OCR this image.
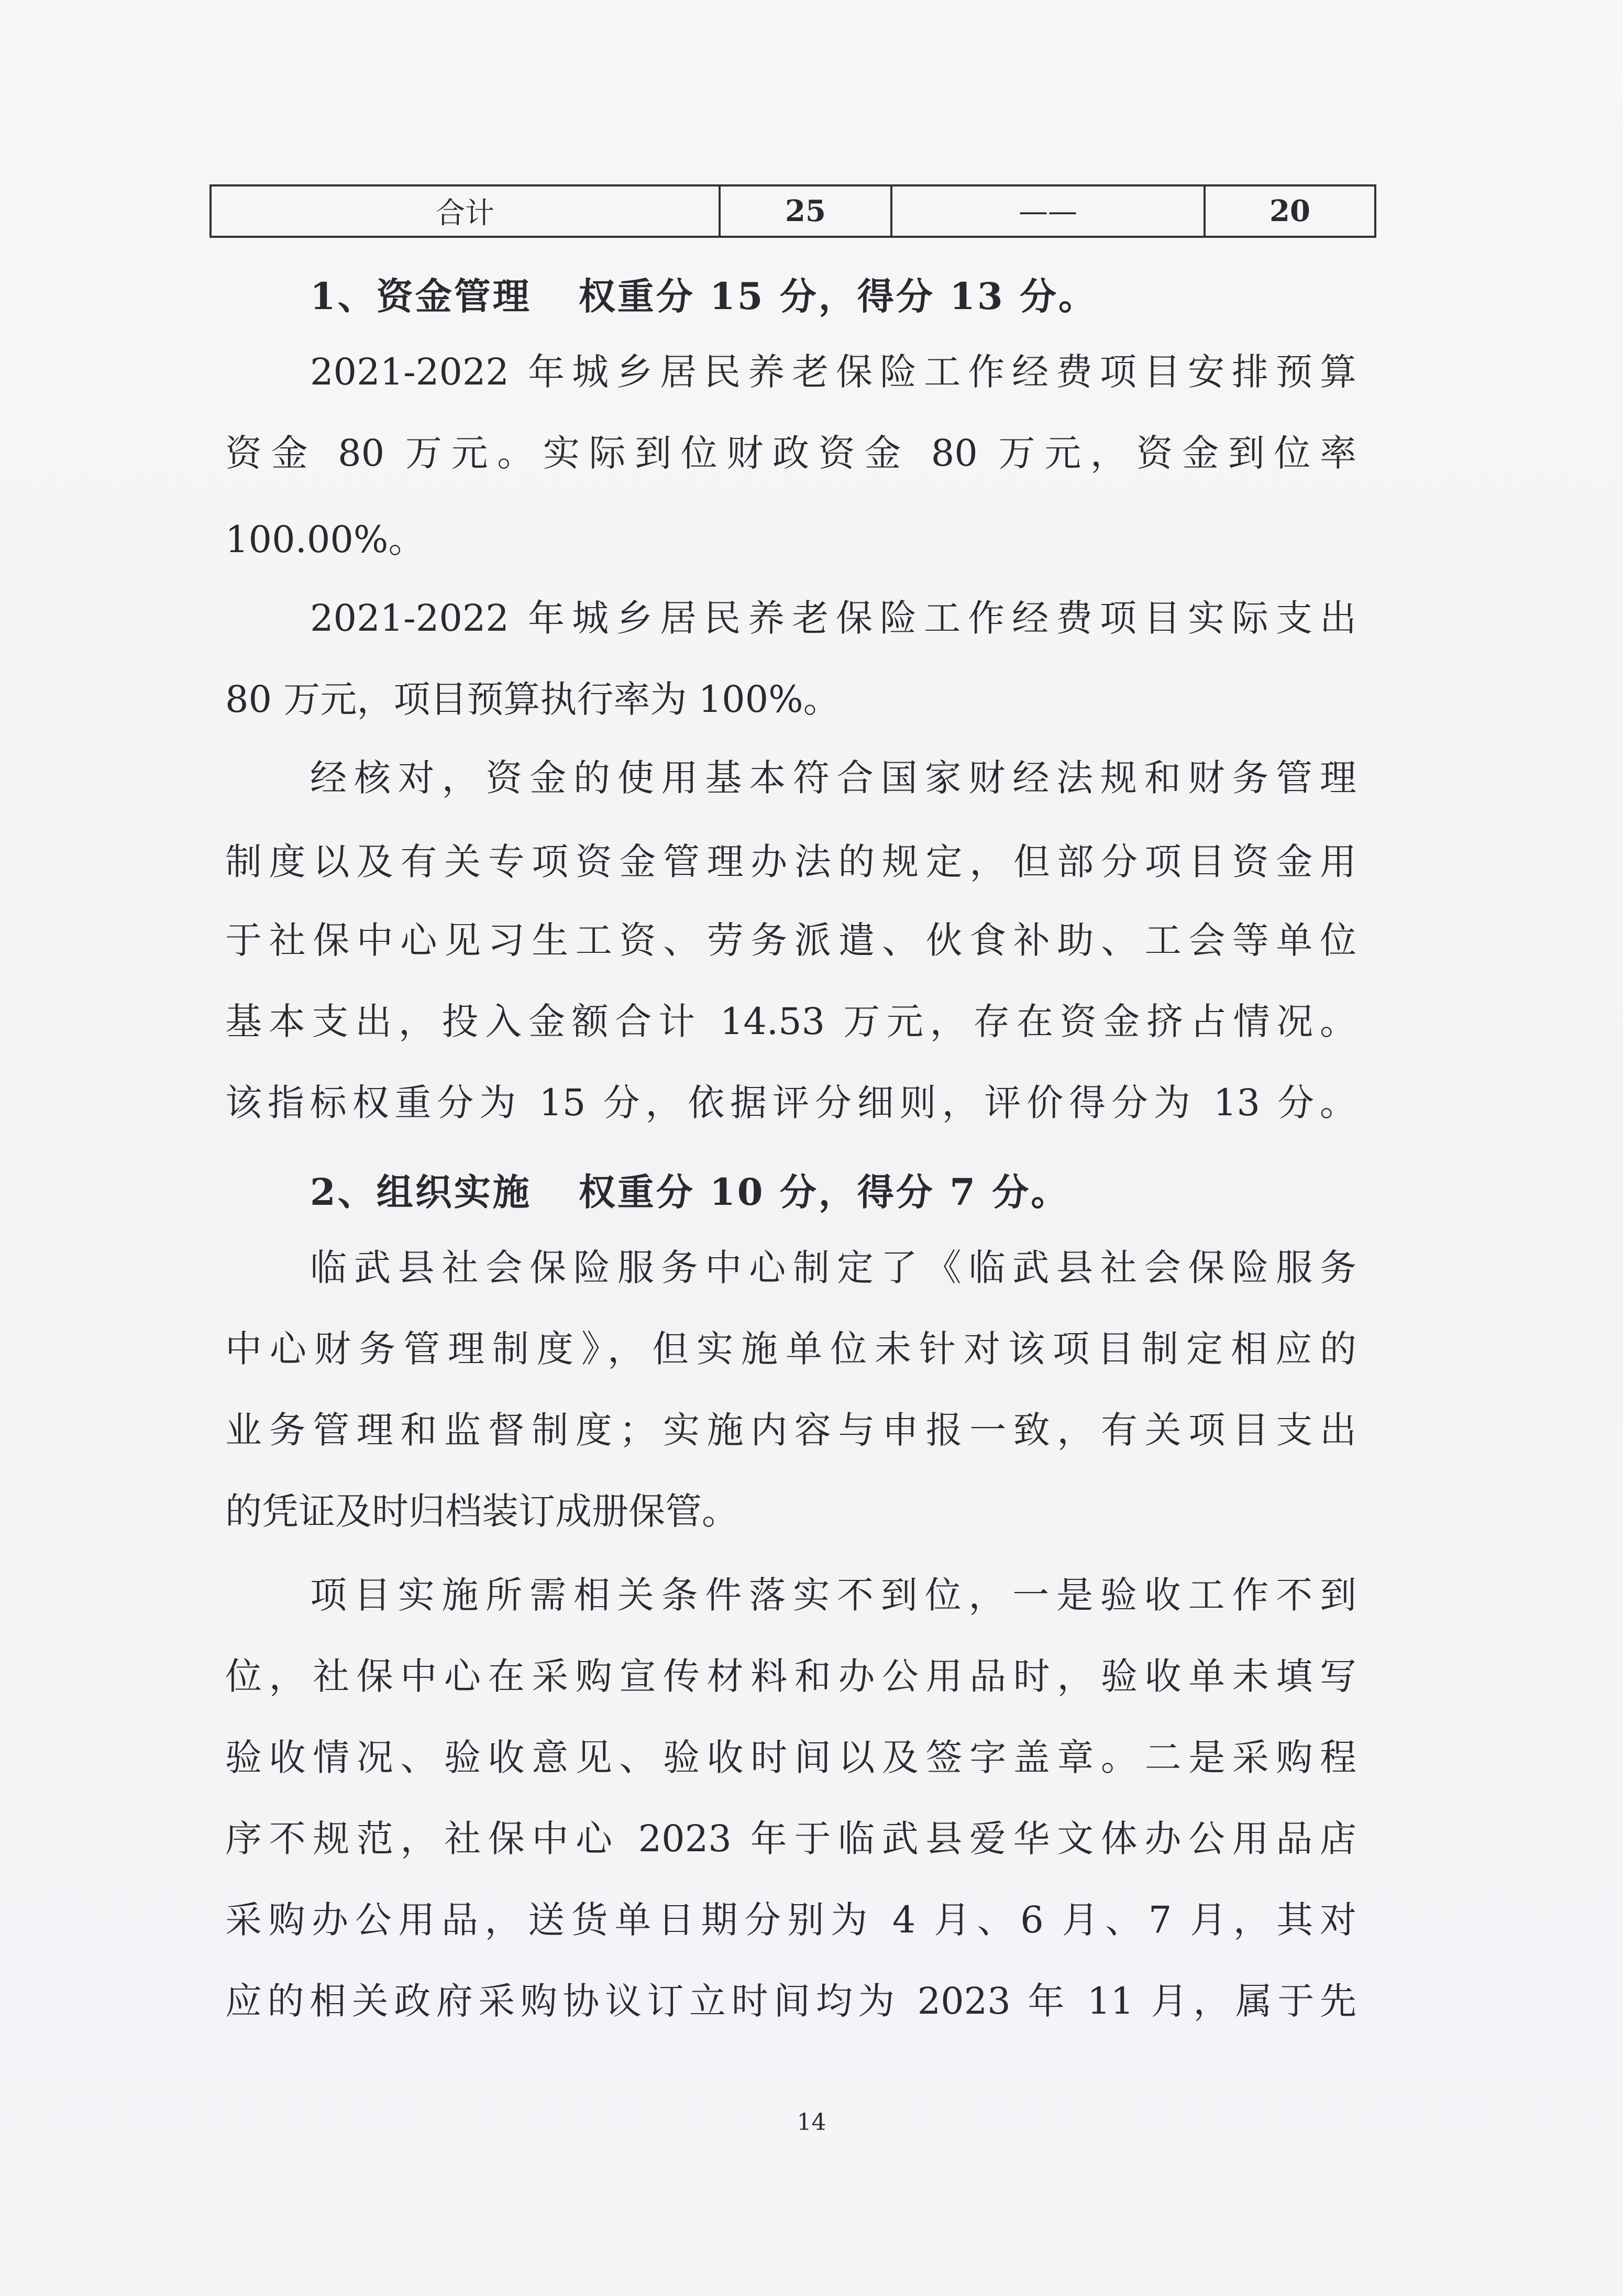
合计	25	——	20
1、资金管理 权重分 15 分，得分 13 分。
2021-2022 年城乡居民养老保险工作经费项目安排预算
资金 80 万元。实际到位财政资金 80 万元，资金到位率
100.00%。
2021-2022 年城乡居民养老保险工作经费项目实际支出
80 万元，项目预算执行率为 100%。
经核对，资金的使用基本符合国家财经法规和财务管理
制度以及有关专项资金管理办法的规定，但部分项目资金用
于社保中心见习生工资、劳务派遣、伙食补助、工会等单位
基本支出，投入金额合计 14.53 万元，存在资金挤占情况。
该指标权重分为 15 分，依据评分细则，评价得分为 13 分。
2、组织实施 权重分 10 分，得分 7 分。
临武县社会保险服务中心制定了《临武县社会保险服务
中心财务管理制度》，但实施单位未针对该项目制定相应的
业务管理和监督制度；实施内容与申报一致，有关项目支出
的凭证及时归档装订成册保管。
项目实施所需相关条件落实不到位，一是验收工作不到
位，社保中心在采购宣传材料和办公用品时，验收单未填写
验收情况、验收意见、验收时间以及签字盖章。二是采购程
序不规范，社保中心 2023 年于临武县爱华文体办公用品店
采购办公用品，送货单日期分别为 4 月、6 月、7 月，其对
应的相关政府采购协议订立时间均为 2023 年 11 月，属于先
14
